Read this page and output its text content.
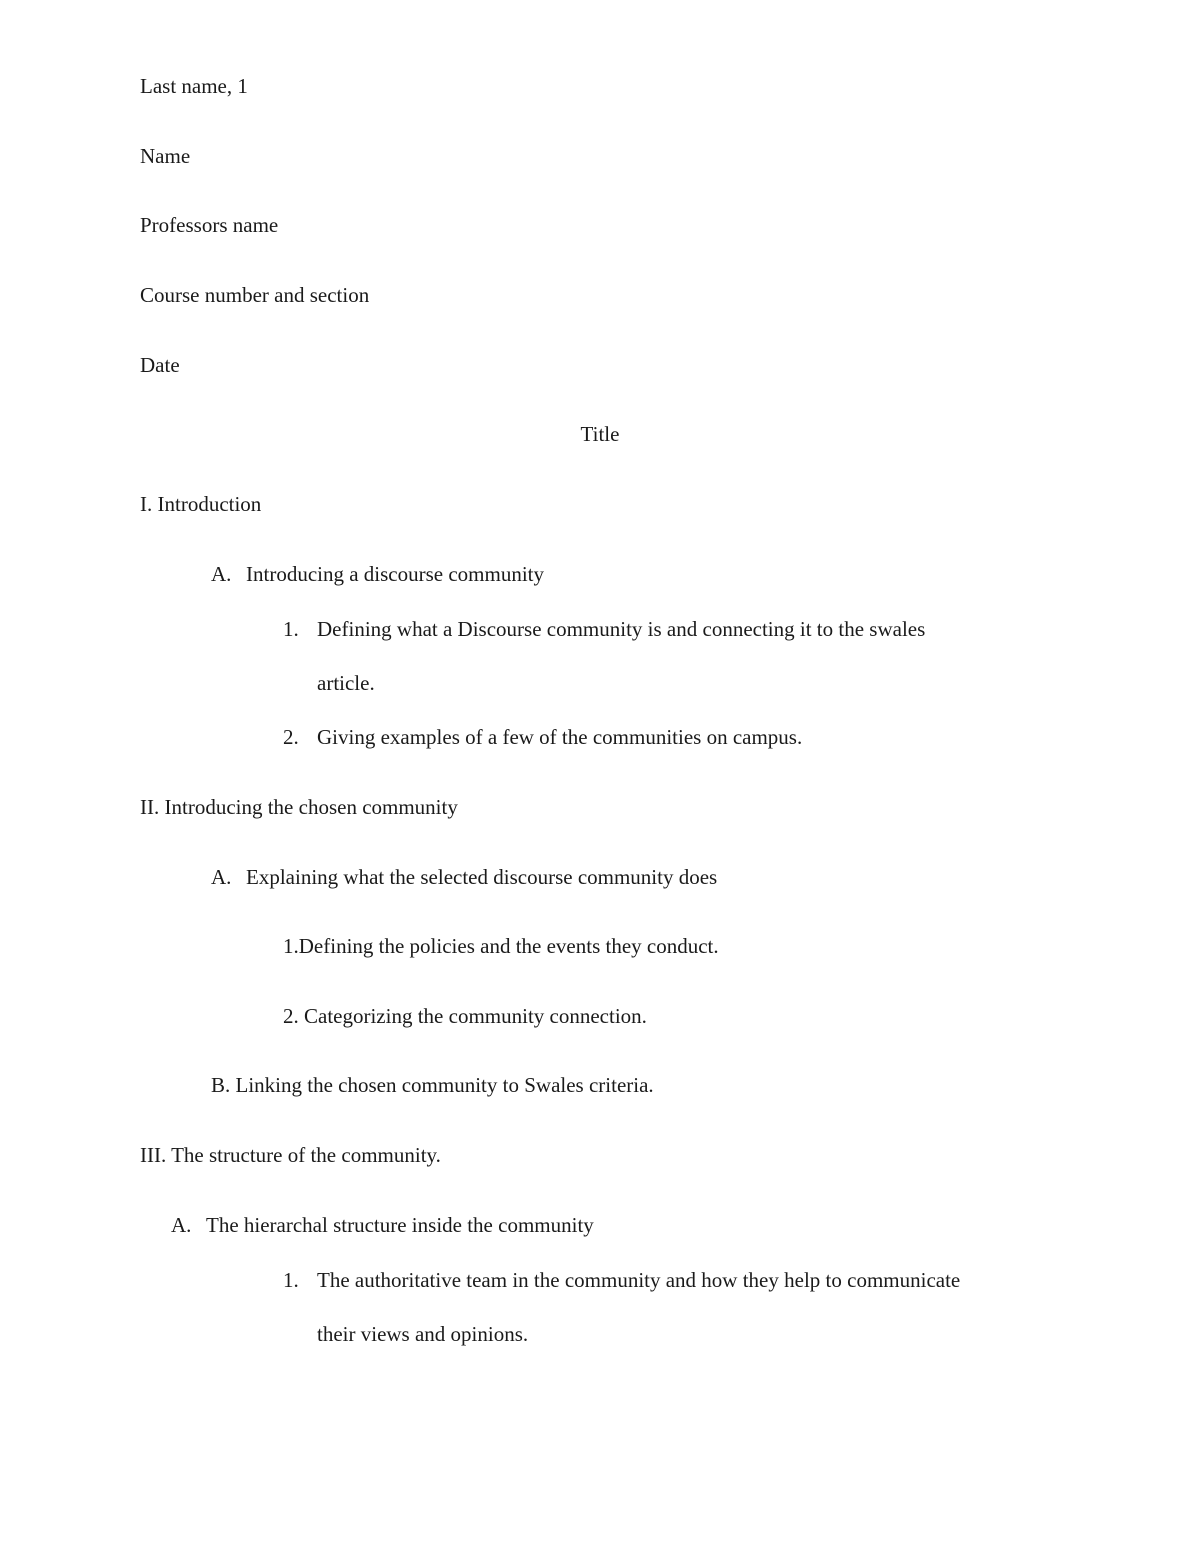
Last name, 1
Name
Professors name
Course number and section
Date
Title
I. Introduction
A. Introducing a discourse community
1. Defining what a Discourse community is and connecting it to the swales
article.
2. Giving examples of a few of the communities on campus.
II. Introducing the chosen community
A. Explaining what the selected discourse community does
1.Defining the policies and the events they conduct.
2. Categorizing the community connection.
B. Linking the chosen community to Swales criteria.
III. The structure of the community.
A. The hierarchal structure inside the community
1. The authoritative team in the community and how they help to communicate
their views and opinions.
